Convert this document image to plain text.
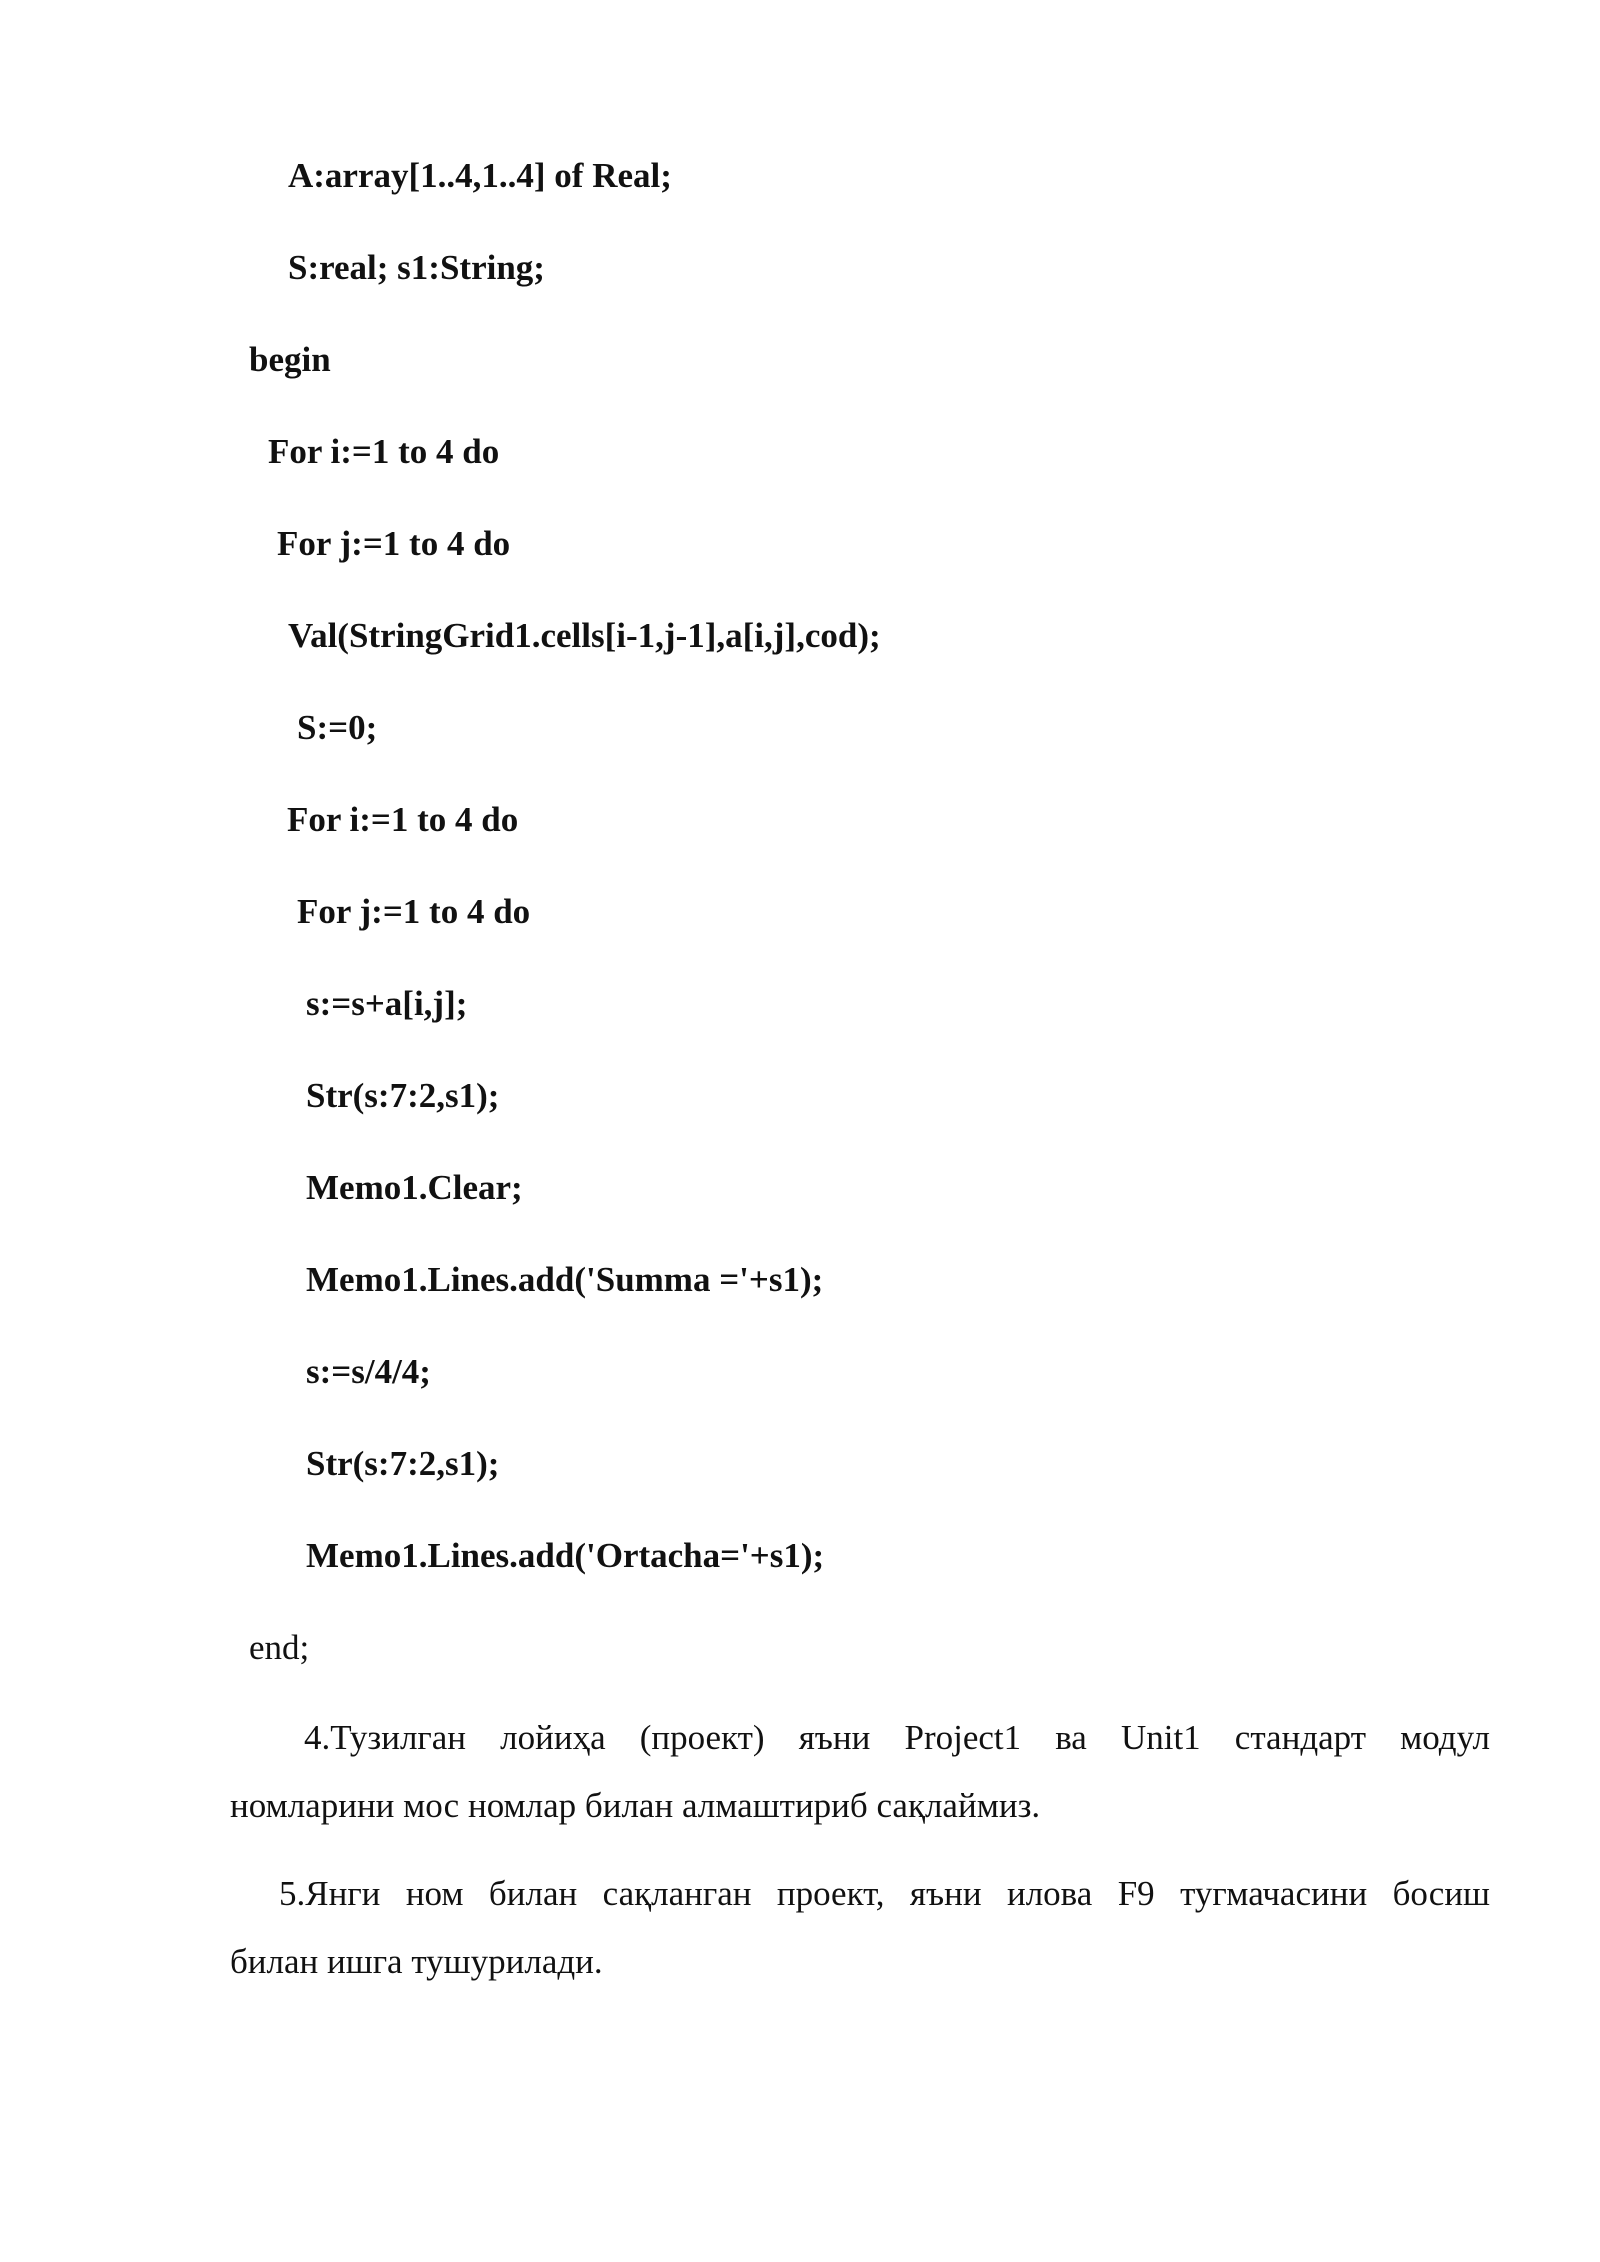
A:array[1..4,1..4] of Real;
S:real; s1:String;
begin
For i:=1 to 4 do
For j:=1 to 4 do
Val(StringGrid1.cells[i-1,j-1],a[i,j],cod);
S:=0;
For i:=1 to 4 do
For j:=1 to 4 do
s:=s+a[i,j];
Str(s:7:2,s1);
Memo1.Clear;
Memo1.Lines.add('Summa ='+s1);
s:=s/4/4;
Str(s:7:2,s1);
Memo1.Lines.add('Ortacha='+s1);
end;
4.Тузилган лойиҳа (проект) яъни Project1 ва Unit1 стандарт модул
номларини мос номлар билан алмаштириб сақлаймиз.
5.Янги ном билан сақланган проект, яъни илова F9 тугмачасини босиш
билан ишга тушурилади.
